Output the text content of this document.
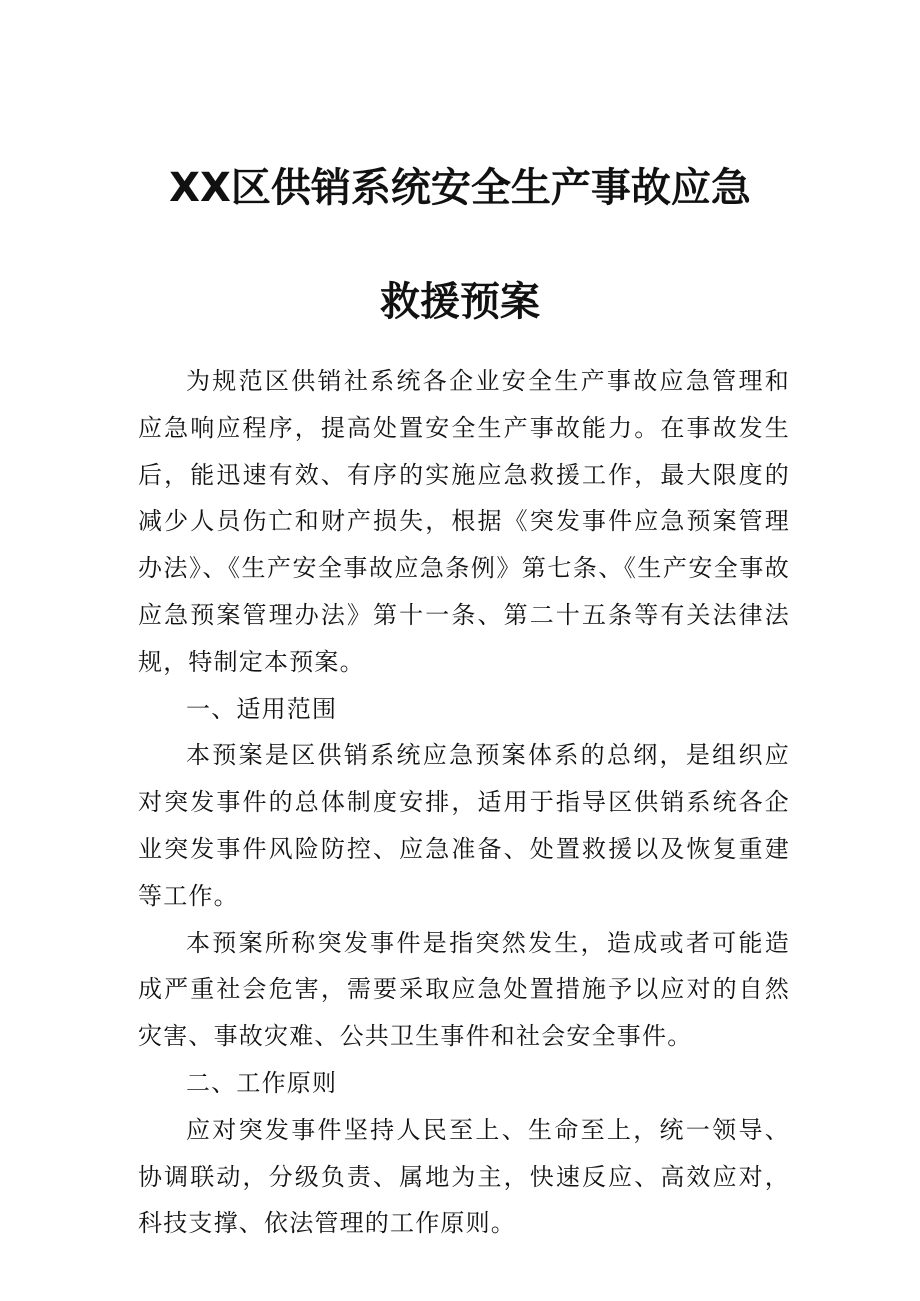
XX区供销系统安全生产事故应急
救援预案

为规范区供销社系统各企业安全生产事故应急管理和应急响应程序，提高处置安全生产事故能力。在事故发生后，能迅速有效、有序的实施应急救援工作，最大限度的减少人员伤亡和财产损失，根据《突发事件应急预案管理办法》、《生产安全事故应急条例》第七条、《生产安全事故应急预案管理办法》第十一条、第二十五条等有关法律法规，特制定本预案。

一、适用范围

本预案是区供销系统应急预案体系的总纲，是组织应对突发事件的总体制度安排，适用于指导区供销系统各企业突发事件风险防控、应急准备、处置救援以及恢复重建等工作。

本预案所称突发事件是指突然发生，造成或者可能造成严重社会危害，需要采取应急处置措施予以应对的自然灾害、事故灾难、公共卫生事件和社会安全事件。

二、工作原则

应对突发事件坚持人民至上、生命至上，统一领导、协调联动，分级负责、属地为主，快速反应、高效应对，科技支撑、依法管理的工作原则。
